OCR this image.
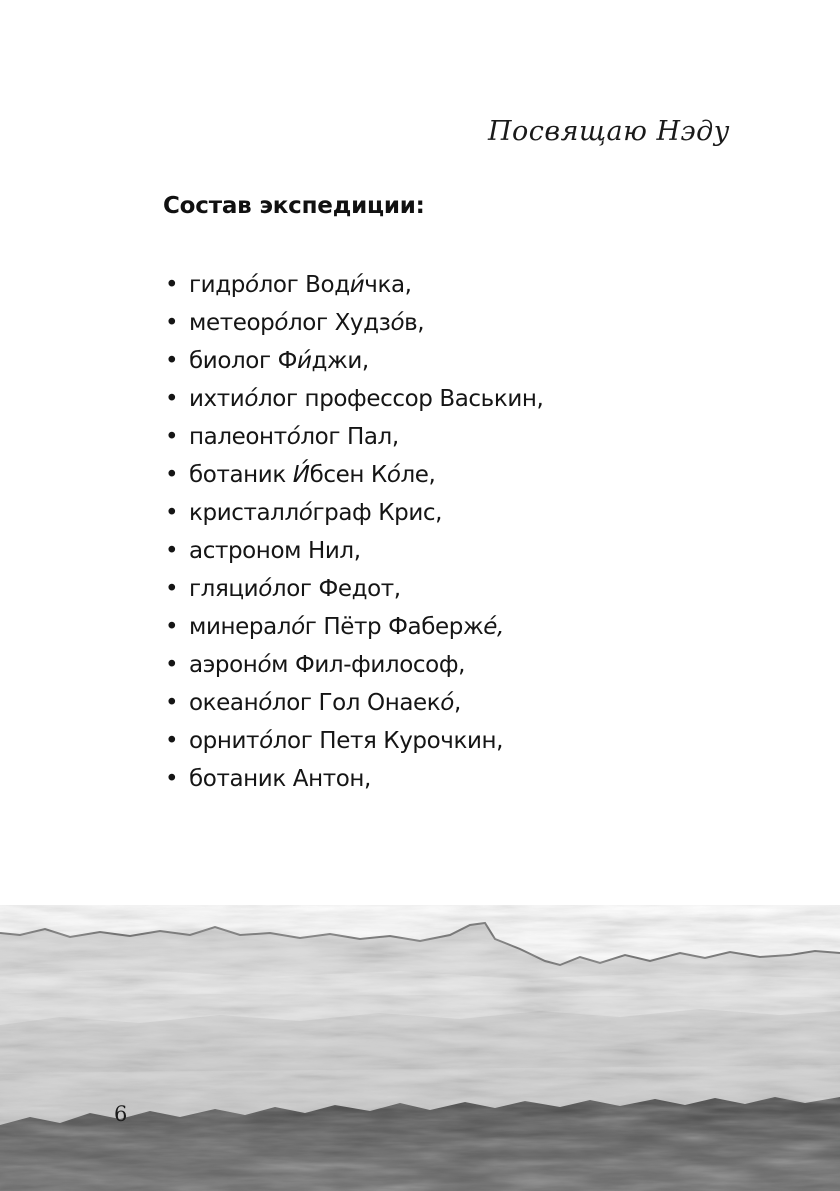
Посвящаю Нэду
Состав экспедиции:
• гидро́лог Води́чка,
• метеоро́лог Худзо́в,
• биолог Фи́джи,
• ихтио́лог профессор Васькин,
• палеонто́лог Пал,
• ботаник И́бсен Ко́ле,
• кристалло́граф Крис,
• астроном Нил,
• гляцио́лог Федот,
• минерало́г Пётр Фаберже́,
• аэроно́м Фил-философ,
• океано́лог Гол Онаеко́,
• орнито́лог Петя Курочкин,
• ботаник Антон,
6
